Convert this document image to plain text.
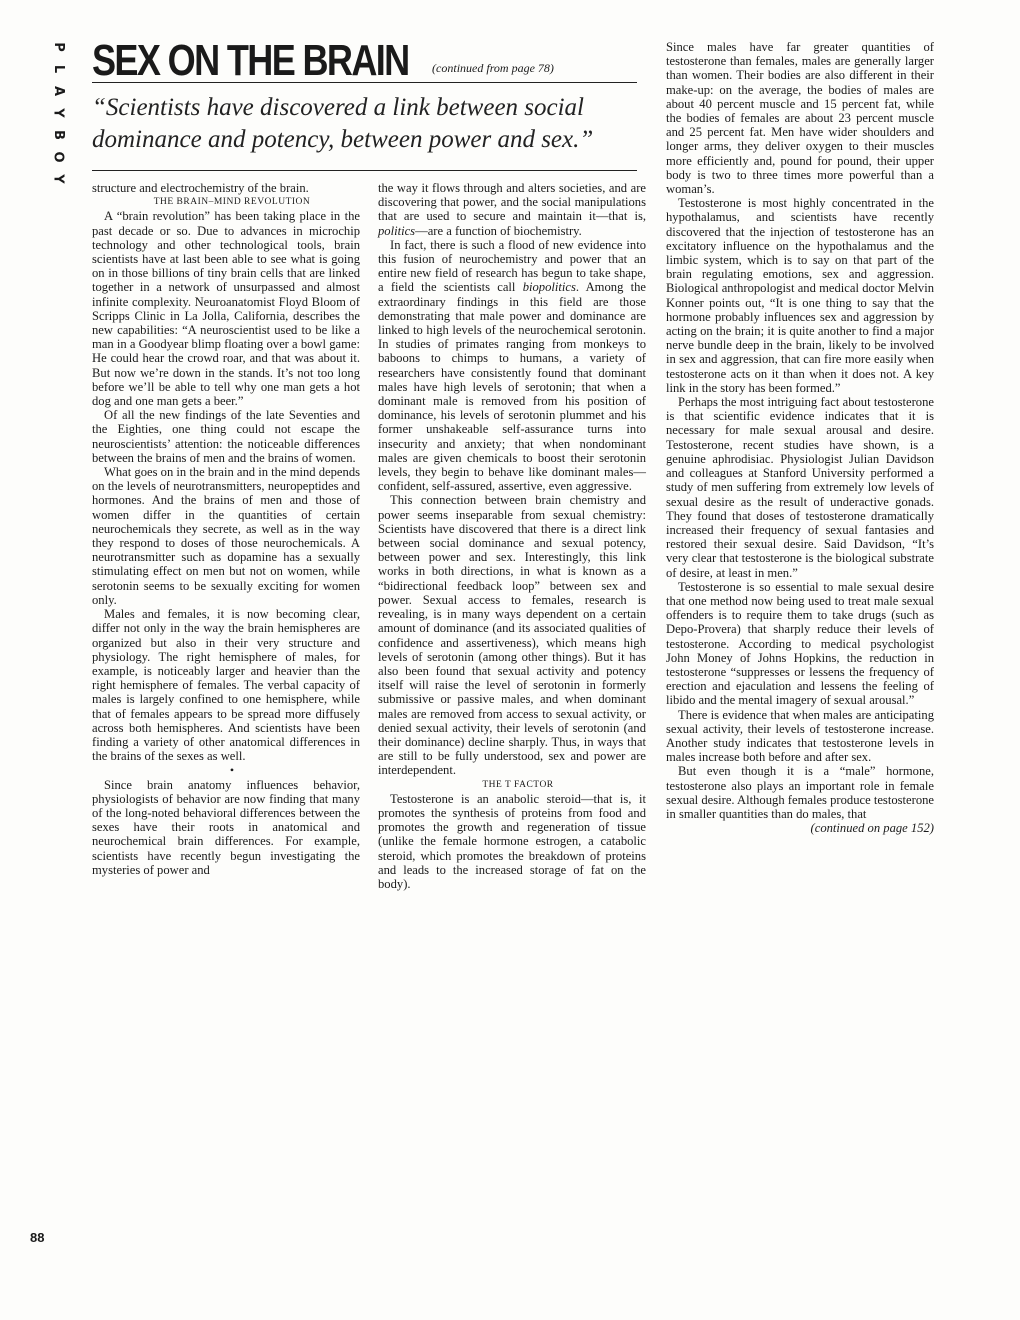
P
L
A
Y
B
O
Y
88
SEX ON THE BRAIN (continued from page 78)
“Scientists have discovered a link between social dominance and potency, between power and sex.”

structure and electrochemistry of the brain.

THE BRAIN–MIND REVOLUTION

A “brain revolution” has been taking place in the past decade or so. Due to advances in microchip technology and other technological tools, brain scientists have at last been able to see what is going on in those billions of tiny brain cells that are linked together in a network of unsurpassed and almost infinite complexity. Neuroanatomist Floyd Bloom of Scripps Clinic in La Jolla, California, describes the new capabilities: “A neuroscientist used to be like a man in a Goodyear blimp floating over a bowl game: He could hear the crowd roar, and that was about it. But now we’re down in the stands. It’s not too long before we’ll be able to tell why one man gets a hot dog and one man gets a beer.”

Of all the new findings of the late Seventies and the Eighties, one thing could not escape the neuroscientists’ attention: the noticeable differences between the brains of men and the brains of women.

What goes on in the brain and in the mind depends on the levels of neurotransmitters, neuropeptides and hormones. And the brains of men and those of women differ in the quantities of certain neurochemicals they secrete, as well as in the way they respond to doses of those neurochemicals. A neurotransmitter such as dopamine has a sexually stimulating effect on men but not on women, while serotonin seems to be sexually exciting for women only.

Males and females, it is now becoming clear, differ not only in the way the brain hemispheres are organized but also in their very structure and physiology. The right hemisphere of males, for example, is noticeably larger and heavier than the right hemisphere of females. The verbal capacity of males is largely confined to one hemisphere, while that of females appears to be spread more diffusely across both hemispheres. And scientists have been finding a variety of other anatomical differences in the brains of the sexes as well.

•

Since brain anatomy influences behavior, physiologists of behavior are now finding that many of the long-noted behavioral differences between the sexes have their roots in anatomical and neurochemical brain differences. For example, scientists have recently begun investigating the mysteries of power and

the way it flows through and alters societies, and are discovering that power, and the social manipulations that are used to secure and maintain it—that is, politics—are a function of biochemistry.

In fact, there is such a flood of new evidence into this fusion of neurochemistry and power that an entire new field of research has begun to take shape, a field the scientists call biopolitics. Among the extraordinary findings in this field are those demonstrating that male power and dominance are linked to high levels of the neurochemical serotonin. In studies of primates ranging from monkeys to baboons to chimps to humans, a variety of researchers have consistently found that dominant males have high levels of serotonin; that when a dominant male is removed from his position of dominance, his levels of serotonin plummet and his former unshakeable self-assurance turns into insecurity and anxiety; that when nondominant males are given chemicals to boost their serotonin levels, they begin to behave like dominant males—confident, self-assured, assertive, even aggressive.

This connection between brain chemistry and power seems inseparable from sexual chemistry: Scientists have discovered that there is a direct link between social dominance and sexual potency, between power and sex. Interestingly, this link works in both directions, in what is known as a “bidirectional feedback loop” between sex and power. Sexual access to females, research is revealing, is in many ways dependent on a certain amount of dominance (and its associated qualities of confidence and assertiveness), which means high levels of serotonin (among other things). But it has also been found that sexual activity and potency itself will raise the level of serotonin in formerly submissive or passive males, and when dominant males are removed from access to sexual activity, or denied sexual activity, their levels of serotonin (and their dominance) decline sharply. Thus, in ways that are still to be fully understood, sex and power are interdependent.

THE T FACTOR

Testosterone is an anabolic steroid—that is, it promotes the synthesis of proteins from food and promotes the growth and regeneration of tissue (unlike the female hormone estrogen, a catabolic steroid, which promotes the breakdown of proteins and leads to the increased storage of fat on the body).

Since males have far greater quantities of testosterone than females, males are generally larger than women. Their bodies are also different in their make-up: on the average, the bodies of males are about 40 percent muscle and 15 percent fat, while the bodies of females are about 23 percent muscle and 25 percent fat. Men have wider shoulders and longer arms, they deliver oxygen to their muscles more efficiently and, pound for pound, their upper body is two to three times more powerful than a woman’s.

Testosterone is most highly concentrated in the hypothalamus, and scientists have recently discovered that the injection of testosterone has an excitatory influence on the hypothalamus and the limbic system, which is to say on that part of the brain regulating emotions, sex and aggression. Biological anthropologist and medical doctor Melvin Konner points out, “It is one thing to say that the hormone probably influences sex and aggression by acting on the brain; it is quite another to find a major nerve bundle deep in the brain, likely to be involved in sex and aggression, that can fire more easily when testosterone acts on it than when it does not. A key link in the story has been formed.”

Perhaps the most intriguing fact about testosterone is that scientific evidence indicates that it is necessary for male sexual arousal and desire. Testosterone, recent studies have shown, is a genuine aphrodisiac. Physiologist Julian Davidson and colleagues at Stanford University performed a study of men suffering from extremely low levels of sexual desire as the result of underactive gonads. They found that doses of testosterone dramatically increased their frequency of sexual fantasies and restored their sexual desire. Said Davidson, “It’s very clear that testosterone is the biological substrate of desire, at least in men.”

Testosterone is so essential to male sexual desire that one method now being used to treat male sexual offenders is to require them to take drugs (such as Depo-Provera) that sharply reduce their levels of testosterone. According to medical psychologist John Money of Johns Hopkins, the reduction in testosterone “suppresses or lessens the frequency of erection and ejaculation and lessens the feeling of libido and the mental imagery of sexual arousal.”

There is evidence that when males are anticipating sexual activity, their levels of testosterone increase. Another study indicates that testosterone levels in males increase both before and after sex.

But even though it is a “male” hormone, testosterone also plays an important role in female sexual desire. Although females produce testosterone in smaller quantities than do males, that

(continued on page 152)
